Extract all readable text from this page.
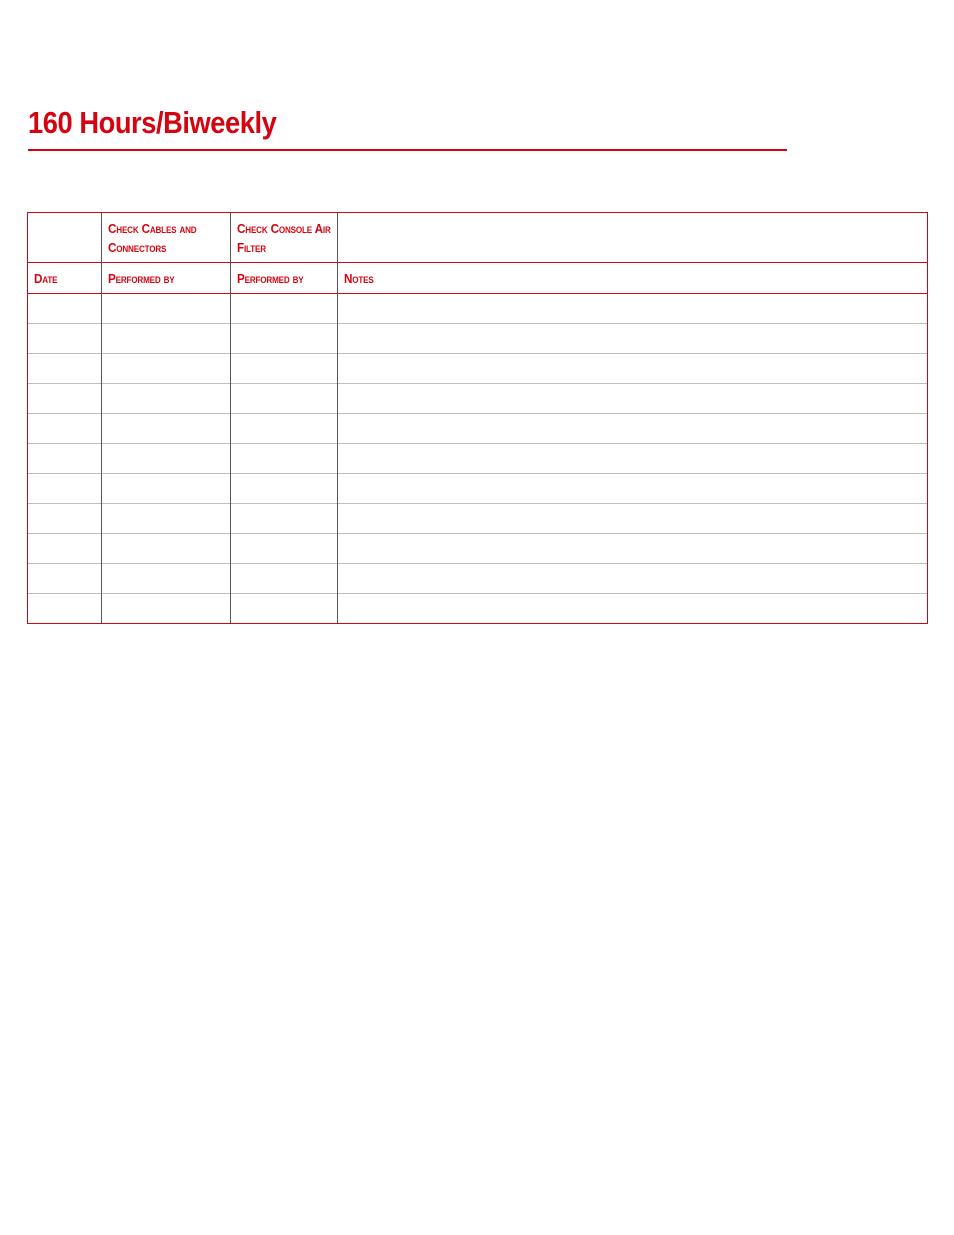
160 Hours/Biweekly
	Check Cables and Connectors	Check Console Air Filter	

Date	Performed by	Performed by	Notes
